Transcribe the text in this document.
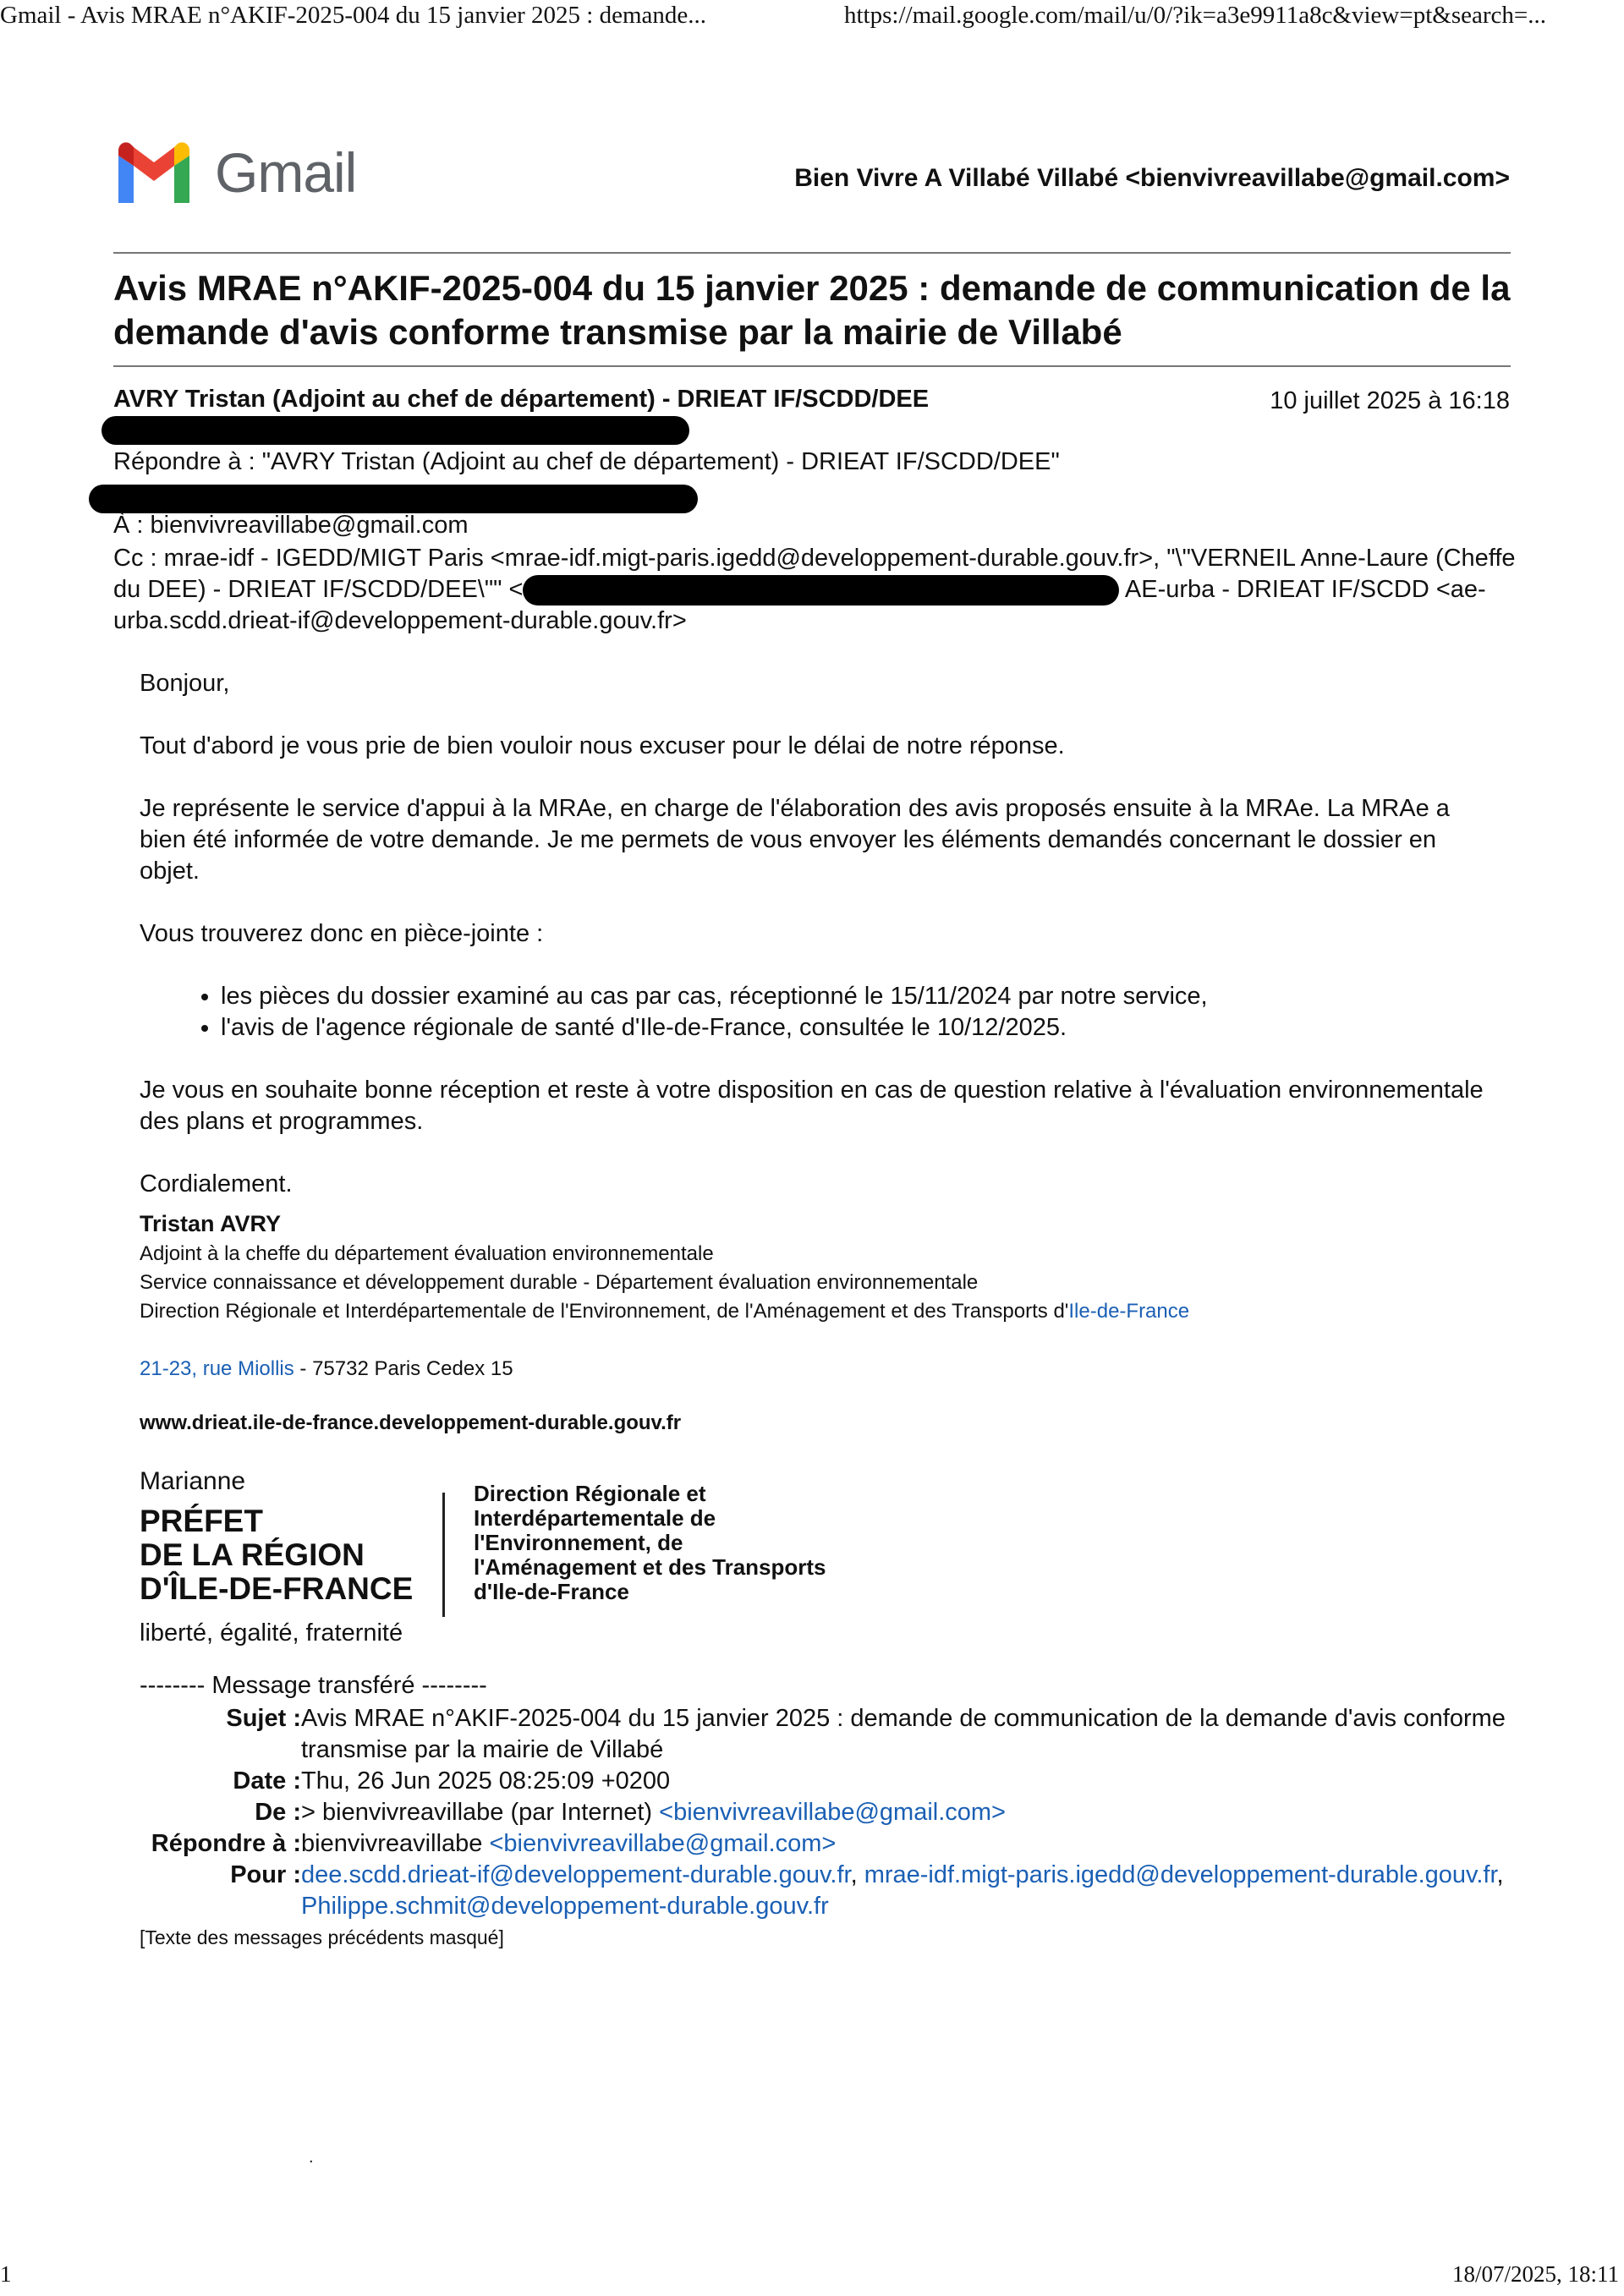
Gmail - Avis MRAE n°AKIF-2025-004 du 15 janvier 2025 : demande...	https://mail.google.com/mail/u/0/?ik=a3e9911a8c&view=pt&search=...
1	18/07/2025, 18:11
Gmail	Bien Vivre A Villabé Villabé <bienvivreavillabe@gmail.com>
Avis MRAE n°AKIF-2025-004 du 15 janvier 2025 : demande de communication de la demande d'avis conforme transmise par la mairie de Villabé
AVRY Tristan (Adjoint au chef de département) - DRIEAT IF/SCDD/DEE	10 juillet 2025 à 16:18
Répondre à : "AVRY Tristan (Adjoint au chef de département) - DRIEAT IF/SCDD/DEE"
À : bienvivreavillabe@gmail.com
Cc : mrae-idf - IGEDD/MIGT Paris <mrae-idf.migt-paris.igedd@developpement-durable.gouv.fr>, "\"VERNEIL Anne-Laure (Cheffe du DEE) - DRIEAT IF/SCDD/DEE\"" <	AE-urba - DRIEAT IF/SCDD <ae-urba.scdd.drieat-if@developpement-durable.gouv.fr>

Bonjour,

Tout d'abord je vous prie de bien vouloir nous excuser pour le délai de notre réponse.

Je représente le service d'appui à la MRAe, en charge de l'élaboration des avis proposés ensuite à la MRAe. La MRAe a bien été informée de votre demande. Je me permets de vous envoyer les éléments demandés concernant le dossier en objet.

Vous trouverez donc en pièce-jointe :

• les pièces du dossier examiné au cas par cas, réceptionné le 15/11/2024 par notre service,
• l'avis de l'agence régionale de santé d'Ile-de-France, consultée le 10/12/2025.

Je vous en souhaite bonne réception et reste à votre disposition en cas de question relative à l'évaluation environnementale des plans et programmes.

Cordialement.

Tristan AVRY
Adjoint à la cheffe du département évaluation environnementale
Service connaissance et développement durable - Département évaluation environnementale
Direction Régionale et Interdépartementale de l'Environnement, de l'Aménagement et des Transports d'Ile-de-France
21-23, rue Miollis - 75732 Paris Cedex 15
www.drieat.ile-de-france.developpement-durable.gouv.fr
Marianne
PRÉFET
DE LA RÉGION
D'ÎLE-DE-FRANCE
liberté, égalité, fraternité
Direction Régionale et
Interdépartementale de
l'Environnement, de
l'Aménagement et des Transports
d'Ile-de-France
-------- Message transféré --------
Sujet :	Avis MRAE n°AKIF-2025-004 du 15 janvier 2025 : demande de communication de la demande d'avis conforme transmise par la mairie de Villabé
Date :	Thu, 26 Jun 2025 08:25:09 +0200
De :	> bienvivreavillabe (par Internet) <bienvivreavillabe@gmail.com>
Répondre à :	bienvivreavillabe <bienvivreavillabe@gmail.com>
Pour :	dee.scdd.drieat-if@developpement-durable.gouv.fr, mrae-idf.migt-paris.igedd@developpement-durable.gouv.fr, Philippe.schmit@developpement-durable.gouv.fr
[Texte des messages précédents masqué]
.
